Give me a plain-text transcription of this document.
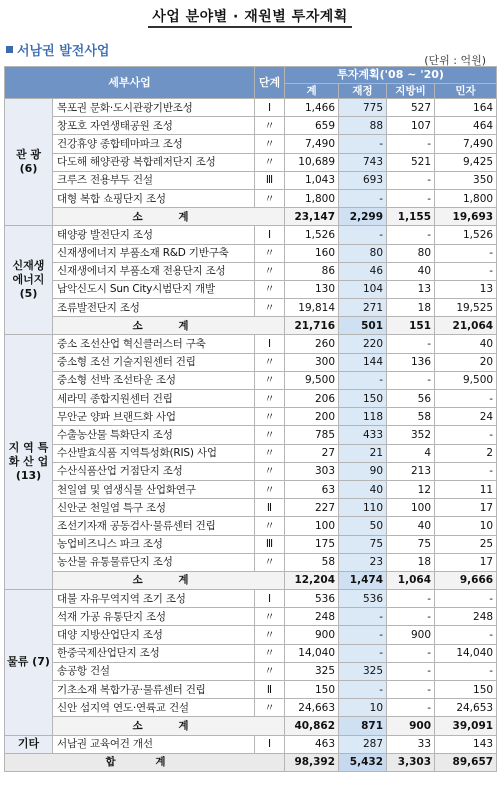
사업 분야별 · 재원별 투자계획
서남권 발전사업
(단위 : 억원)
세부사업		단계	투자계획('08 ~ '20)			
			계	재정	지방비	민자
관 광 (6)	목포권 문화·도시관광기반조성	Ⅰ	1,466	775	527	164
	창포호 자연생태공원 조성	〃	659	88	107	464
	건강휴양 종합테마파크 조성	〃	7,490	-	-	7,490
	다도해 해양관광 복합레저단지 조성	〃	10,689	743	521	9,425
	크루즈 전용부두 건설	Ⅲ	1,043	693	-	350
	대형 복합 쇼핑단지 조성	〃	1,800	-	-	1,800
	소 계		23,147	2,299	1,155	19,693
신재생 에너지 (5)	태양광 발전단지 조성	Ⅰ	1,526	-	-	1,526
	신재생에너지 부품소재 R&D 기반구축	〃	160	80	80	-
	신재생에너지 부품소재 전용단지 조성	〃	86	46	40	-
	남악신도시 Sun City시범단지 개발	〃	130	104	13	13
	조류발전단지 조성	〃	19,814	271	18	19,525
	소 계		21,716	501	151	21,064
지 역 특 화 산 업 (13)	중소 조선산업 혁신클러스터 구축	Ⅰ	260	220	-	40
	중소형 조선 기술지원센터 건립	〃	300	144	136	20
	중소형 선박 조선타운 조성	〃	9,500	-	-	9,500
	세라믹 종합지원센터 건립	〃	206	150	56	-
	무안군 양파 브랜드화 사업	〃	200	118	58	24
	수출농산물 특화단지 조성	〃	785	433	352	-
	수산발효식품 지역특성화(RIS) 사업	〃	27	21	4	2
	수산식품산업 거점단지 조성	〃	303	90	213	-
	천일염 및 염생식물 산업화연구	〃	63	40	12	11
	신안군 천일염 특구 조성	Ⅱ	227	110	100	17
	조선기자재 공동검사·물류센터 건립	〃	100	50	40	10
	농업비즈니스 파크 조성	Ⅲ	175	75	75	25
	농산물 유통물류단지 조성	〃	58	23	18	17
	소 계		12,204	1,474	1,064	9,666
물류 (7)	대불 자유무역지역 조기 조성	Ⅰ	536	536	-	-
	석재 가공 유통단지 조성	〃	248	-	-	248
	대양 지방산업단지 조성	〃	900	-	900	-
	한중국제산업단지 조성	〃	14,040	-	-	14,040
	송공항 건설	〃	325	325	-	-
	기초소재 복합가공·물류센터 건립	Ⅱ	150	-	-	150
	신안 섬지역 연도·연륙교 건설	〃	24,663	10	-	24,653
	소 계		40,862	871	900	39,091
기타	서남권 교육여건 개선	Ⅰ	463	287	33	143
합 계			98,392	5,432	3,303	89,657
